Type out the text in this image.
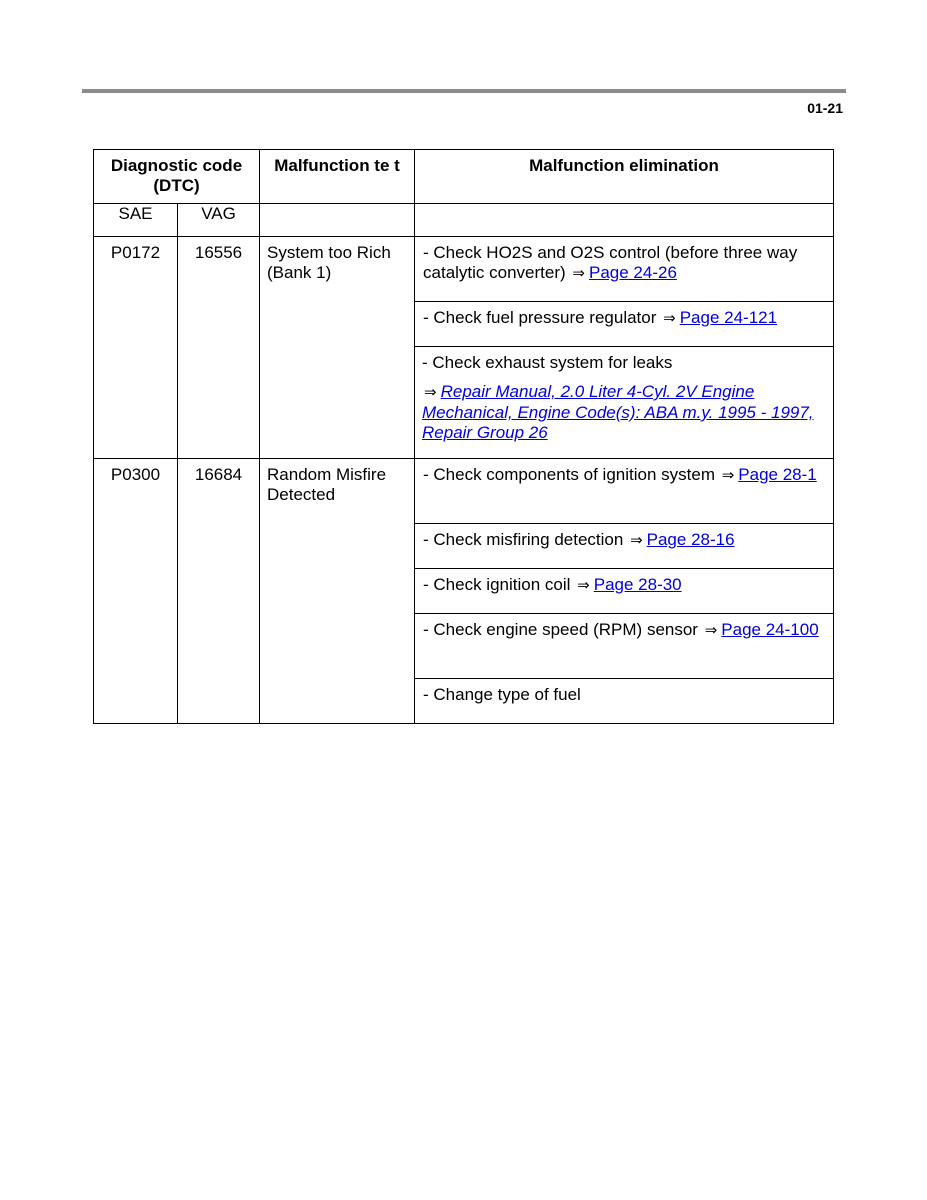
01-21
Diagnostic code (DTC)		Malfunction te t	Malfunction elimination
SAE	VAG		
P0172	16556	System too Rich (Bank 1)	- Check HO2S and O2S control (before three way catalytic converter) ⇒ Page 24-26
			- Check fuel pressure regulator ⇒ Page 24-121

			- Check exhaust system for leaks
⇒ Repair Manual, 2.0 Liter 4-Cyl. 2V Engine Mechanical, Engine Code(s): ABA m.y. 1995 - 1997, Repair Group 26

P0300	16684	Random Misfire Detected	- Check components of ignition system ⇒ Page 28-1
			- Check misfiring detection ⇒ Page 28-16
			- Check ignition coil ⇒ Page 28-30
			- Check engine speed (RPM) sensor ⇒ Page 24-100
			- Change type of fuel
